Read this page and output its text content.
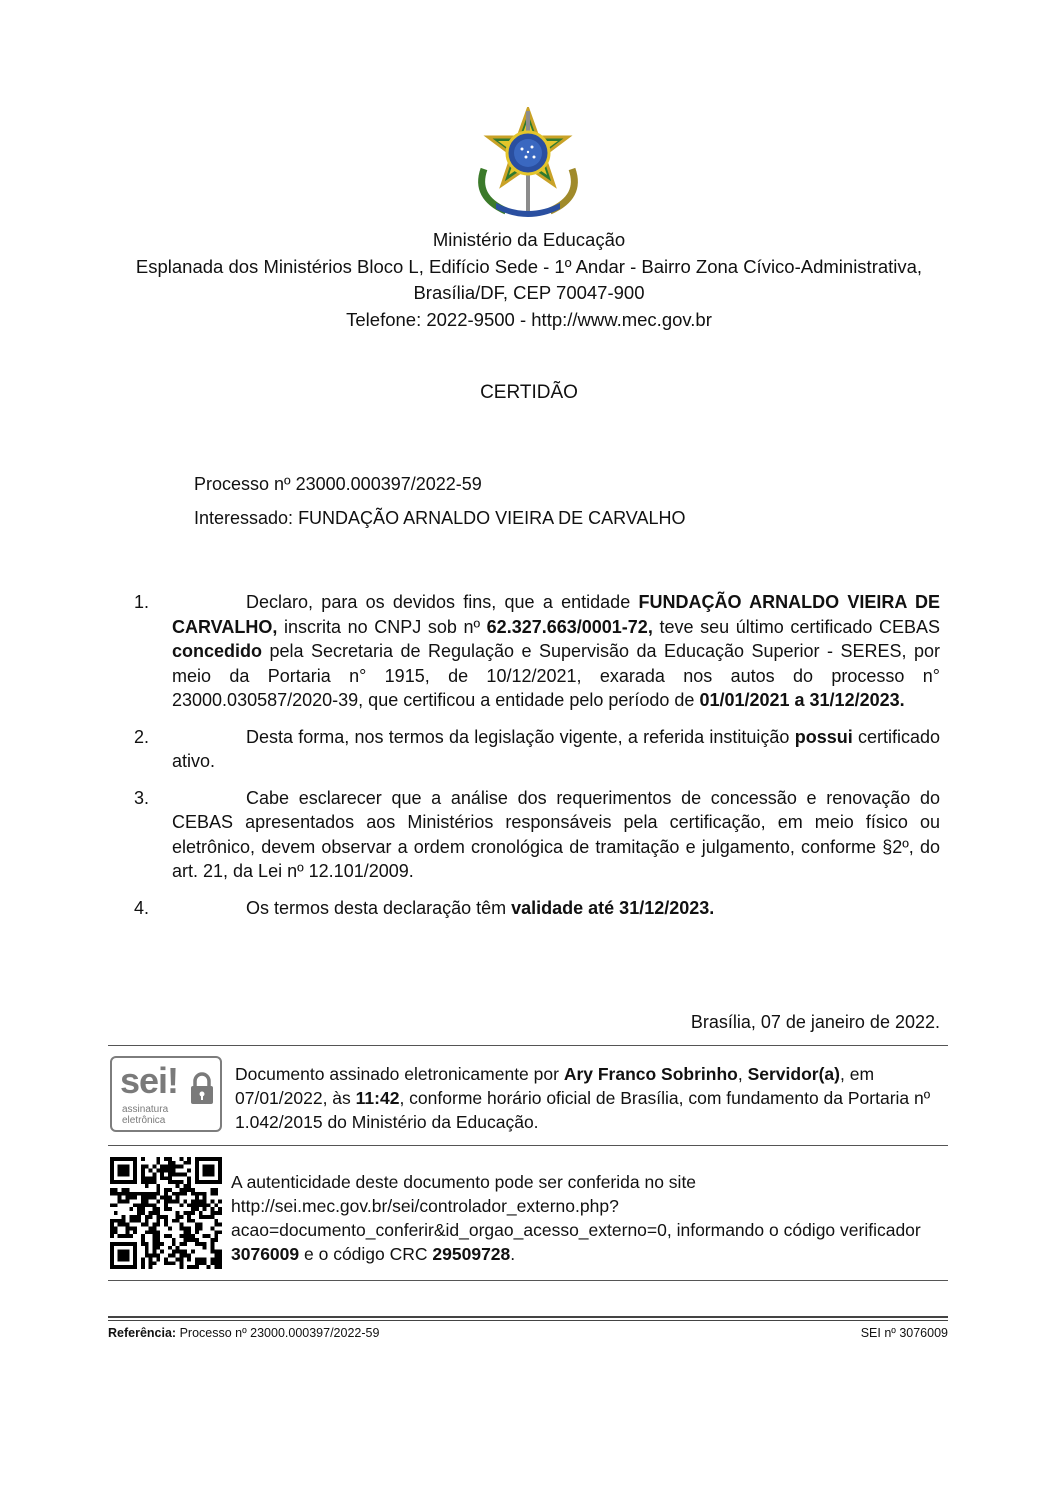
Ministério da Educação
Esplanada dos Ministérios Bloco L, Edifício Sede - 1º Andar - Bairro Zona Cívico-Administrativa,
Brasília/DF, CEP 70047-900
Telefone: 2022-9500 - http://www.mec.gov.br
CERTIDÃO
Processo nº 23000.000397/2022-59
Interessado: FUNDAÇÃO ARNALDO VIEIRA DE CARVALHO
1.	Declaro, para os devidos fins, que a entidade FUNDAÇÃO ARNALDO VIEIRA DE CARVALHO, inscrita no CNPJ sob nº 62.327.663/0001-72, teve seu último certificado CEBAS concedido pela Secretaria de Regulação e Supervisão da Educação Superior - SERES, por meio da Portaria n° 1915, de 10/12/2021, exarada nos autos do processo n° 23000.030587/2020-39, que certificou a entidade pelo período de 01/01/2021 a 31/12/2023.
2.	Desta forma, nos termos da legislação vigente, a referida instituição possui certificado ativo.
3.	Cabe esclarecer que a análise dos requerimentos de concessão e renovação do CEBAS apresentados aos Ministérios responsáveis pela certificação, em meio físico ou eletrônico, devem observar a ordem cronológica de tramitação e julgamento, conforme §2º, do art. 21, da Lei nº 12.101/2009.
4.	Os termos desta declaração têm validade até 31/12/2023.
Brasília, 07 de janeiro de 2022.
sei!
assinatura
eletrônica
Documento assinado eletronicamente por Ary Franco Sobrinho, Servidor(a), em 07/01/2022, às 11:42, conforme horário oficial de Brasília, com fundamento da Portaria nº 1.042/2015 do Ministério da Educação.
A autenticidade deste documento pode ser conferida no site
http://sei.mec.gov.br/sei/controlador_externo.php?
acao=documento_conferir&id_orgao_acesso_externo=0, informando o código verificador
3076009 e o código CRC 29509728.
Referência: Processo nº 23000.000397/2022-59	SEI nº 3076009
